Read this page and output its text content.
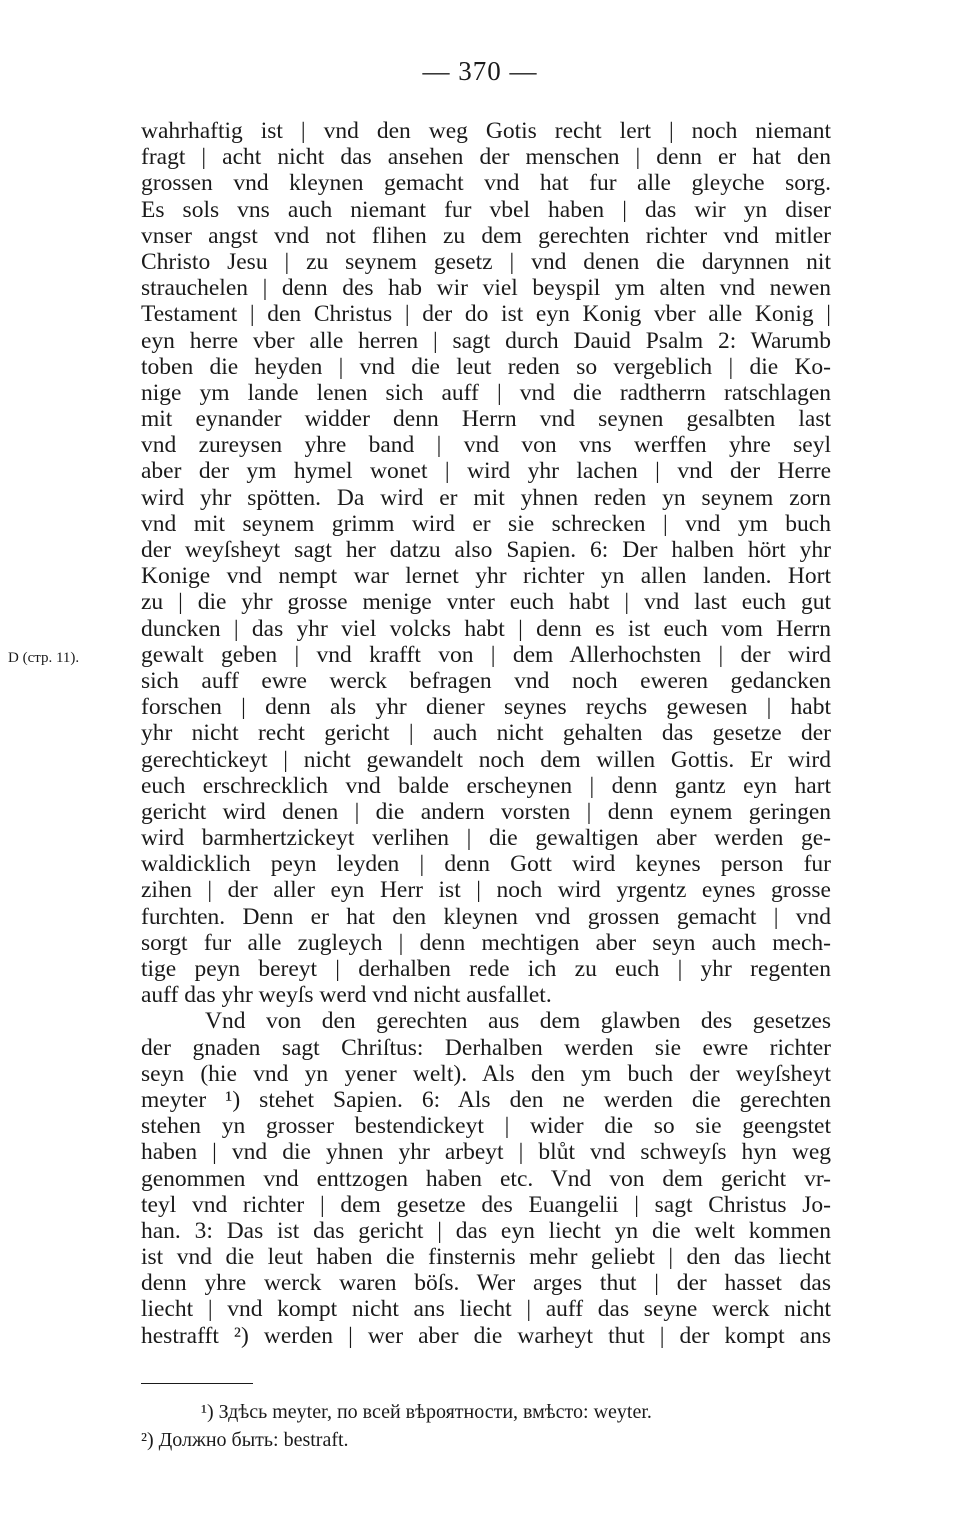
— 370 —
D (стр. 11).
wahrhaftig ist | vnd den weg Gotis recht lert | noch niemant
fragt | acht nicht das ansehen der menschen | denn er hat den
grossen vnd kleynen gemacht vnd hat fur alle gleyche sorg.
Es sols vns auch niemant fur vbel haben | das wir yn diser
vnser angst vnd not flihen zu dem gerechten richter vnd mitler
Christo Jesu | zu seynem gesetz | vnd denen die darynnen nit
strauchelen | denn des hab wir viel beyspil ym alten vnd newen
Testament | den Christus | der do ist eyn Konig vber alle Konig |
eyn herre vber alle herren | sagt durch Dauid Psalm 2: Warumb
toben die heyden | vnd die leut reden so vergeblich | die Ko-
nige ym lande lenen sich auff | vnd die radtherrn ratschlagen
mit eynander widder denn Herrn vnd seynen gesalbten last
vnd zureysen yhre band | vnd von vns werffen yhre seyl
aber der ym hymel wonet | wird yhr lachen | vnd der Herre
wird yhr spötten. Da wird er mit yhnen reden yn seynem zorn
vnd mit seynem grimm wird er sie schrecken | vnd ym buch
der weyſsheyt sagt her datzu also Sapien. 6: Der halben hört yhr
Konige vnd nempt war lernet yhr richter yn allen landen. Hort
zu | die yhr grosse menige vnter euch habt | vnd last euch gut
duncken | das yhr viel volcks habt | denn es ist euch vom Herrn
gewalt geben | vnd krafft von | dem Allerhochsten | der wird
sich auff ewre werck befragen vnd noch eweren gedancken
forschen | denn als yhr diener seynes reychs gewesen | habt
yhr nicht recht gericht | auch nicht gehalten das gesetze der
gerechtickeyt | nicht gewandelt noch dem willen Gottis. Er wird
euch erschrecklich vnd balde erscheynen | denn gantz eyn hart
gericht wird denen | die andern vorsten | denn eynem geringen
wird barmhertzickeyt verlihen | die gewaltigen aber werden ge-
waldicklich peyn leyden | denn Gott wird keynes person fur
zihen | der aller eyn Herr ist | noch wird yrgentz eynes grosse
furchten. Denn er hat den kleynen vnd grossen gemacht | vnd
sorgt fur alle zugleych | denn mechtigen aber seyn auch mech-
tige peyn bereyt | derhalben rede ich zu euch | yhr regenten
auff das yhr weyſs werd vnd nicht ausfallet.
Vnd von den gerechten aus dem glawben des gesetzes
der gnaden sagt Chriſtus: Derhalben werden sie ewre richter
seyn (hie vnd yn yener welt). Als den ym buch der weyſsheyt
meyter ¹) stehet Sapien. 6: Als den ne werden die gerechten
stehen yn grosser bestendickeyt | wider die so sie geengstet
haben | vnd die yhnen yhr arbeyt | blůt vnd schweyſs hyn weg
genommen vnd enttzogen haben etc. Vnd von dem gericht vr-
teyl vnd richter | dem gesetze des Euangelii | sagt Christus Jo-
han. 3: Das ist das gericht | das eyn liecht yn die welt kommen
ist vnd die leut haben die finsternis mehr geliebt | den das liecht
denn yhre werck waren böſs. Wer arges thut | der hasset das
liecht | vnd kompt nicht ans liecht | auff das seyne werck nicht
hestrafft ²) werden | wer aber die warheyt thut | der kompt ans
¹) Здѣсь meyter, по всей вѣроятности, вмѣсто: weyter.
²) Должно быть: bestraft.
